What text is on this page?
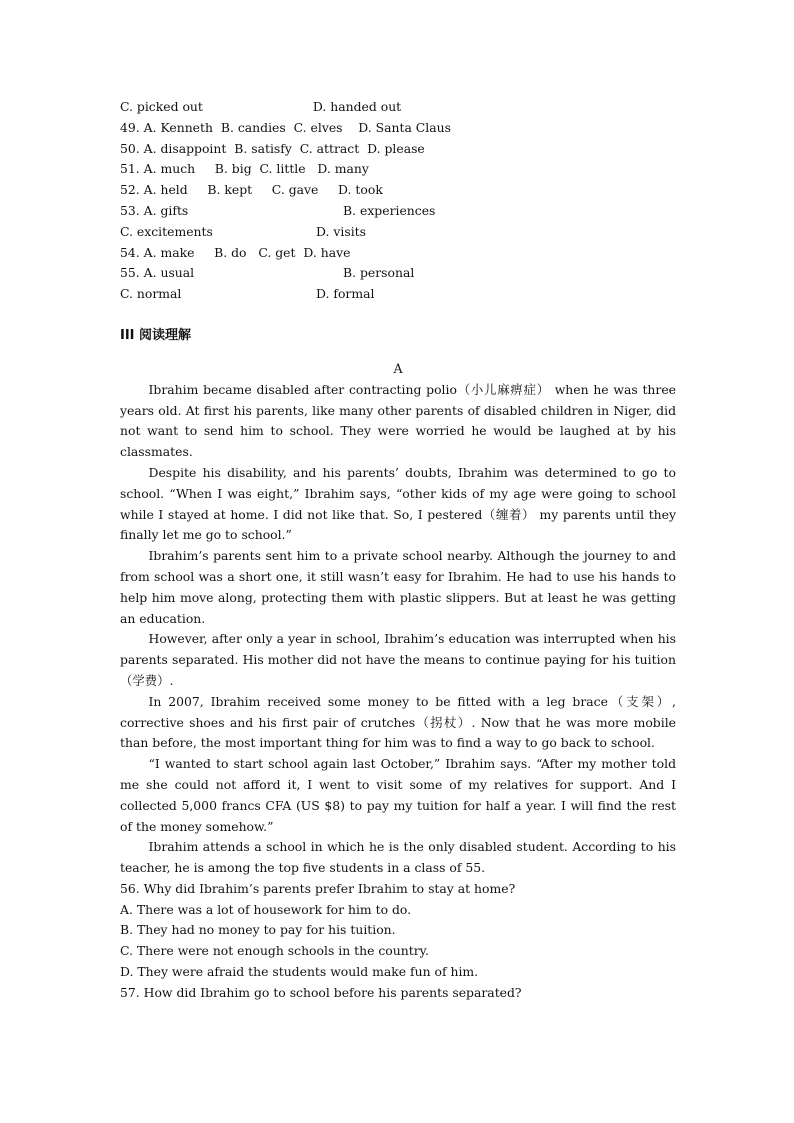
C. picked out	D. handed out
49. A. Kenneth  B. candies  C. elves    D. Santa Claus
50. A. disappoint  B. satisfy  C. attract  D. please
51. A. much     B. big  C. little   D. many
52. A. held     B. kept     C. gave     D. took
53. A. gifts	B. experiences
C. excitements	D. visits
54. A. make     B. do   C. get  D. have
55. A. usual	B. personal
C. normal	D. formal
III 阅读理解
A

Ibrahim became disabled after contracting polio（小儿麻痹症） when he was three years old. At first his parents, like many other parents of disabled children in Niger, did not want to send him to school. They were worried he would be laughed at by his classmates.

Despite his disability, and his parents’ doubts, Ibrahim was determined to go to school. “When I was eight,” Ibrahim says, “other kids of my age were going to school while I stayed at home. I did not like that. So, I pestered（缠着） my parents until they finally let me go to school.”

Ibrahim’s parents sent him to a private school nearby. Although the journey to and from school was a short one, it still wasn’t easy for Ibrahim. He had to use his hands to help him move along, protecting them with plastic slippers. But at least he was getting an education.

However, after only a year in school, Ibrahim’s education was interrupted when his parents separated. His mother did not have the means to continue paying for his tuition （学费）.

In 2007, Ibrahim received some money to be fitted with a leg brace（支架）, corrective shoes and his first pair of crutches（拐杖）. Now that he was more mobile than before, the most important thing for him was to find a way to go back to school.

“I wanted to start school again last October,” Ibrahim says. “After my mother told me she could not afford it, I went to visit some of my relatives for support. And I collected 5,000 francs CFA (US $8) to pay my tuition for half a year. I will find the rest of the money somehow.”

Ibrahim attends a school in which he is the only disabled student. According to his teacher, he is among the top five students in a class of 55.

56. Why did Ibrahim’s parents prefer Ibrahim to stay at home?

A. There was a lot of housework for him to do.

B. They had no money to pay for his tuition.

C. There were not enough schools in the country.

D. They were afraid the students would make fun of him.

57. How did Ibrahim go to school before his parents separated?
